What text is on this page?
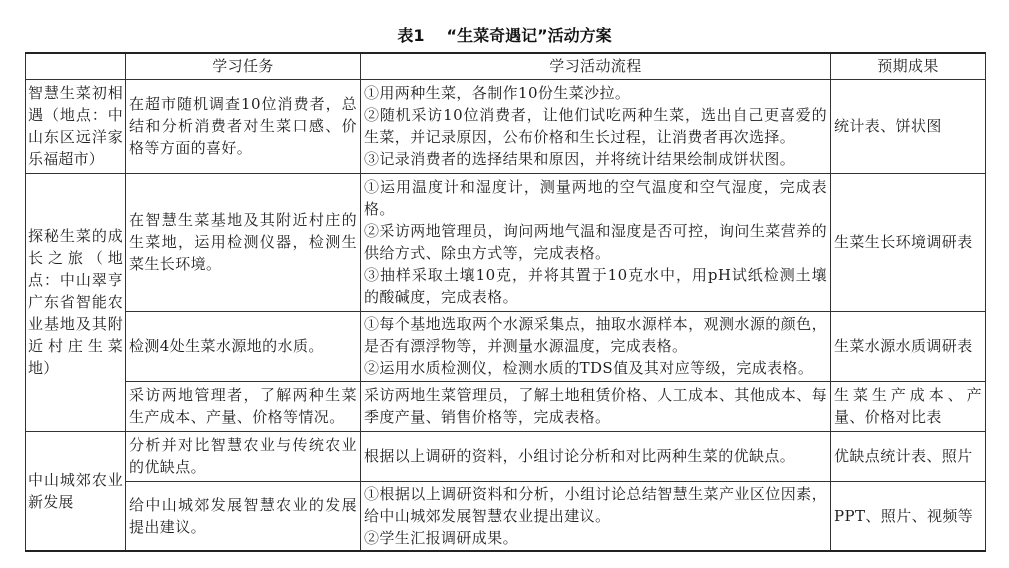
表1 “生菜奇遇记”活动方案
	学习任务	学习活动流程	预期成果
智慧生菜初相遇（地点：中山东区远洋家乐福超市）	在超市随机调查10位消费者，总结和分析消费者对生菜口感、价格等方面的喜好。	①用两种生菜，各制作10份生菜沙拉。
②随机采访10位消费者，让他们试吃两种生菜，选出自己更喜爱的生菜，并记录原因，公布价格和生长过程，让消费者再次选择。
③记录消费者的选择结果和原因，并将统计结果绘制成饼状图。	统计表、饼状图
探秘生菜的成长之旅（地点：中山翠亨广东省智能农业基地及其附近村庄生菜地）	在智慧生菜基地及其附近村庄的生菜地，运用检测仪器，检测生菜生长环境。	①运用温度计和湿度计，测量两地的空气温度和空气湿度，完成表格。
②采访两地管理员，询问两地气温和湿度是否可控，询问生菜营养的供给方式、除虫方式等，完成表格。
③抽样采取土壤10克，并将其置于10克水中，用pH试纸检测土壤的酸碱度，完成表格。	生菜生长环境调研表
	检测4处生菜水源地的水质。	①每个基地选取两个水源采集点，抽取水源样本，观测水源的颜色，是否有漂浮物等，并测量水源温度，完成表格。
②运用水质检测仪，检测水质的TDS值及其对应等级，完成表格。	生菜水源水质调研表
	采访两地管理者，了解两种生菜生产成本、产量、价格等情况。	采访两地生菜管理员，了解土地租赁价格、人工成本、其他成本、每季度产量、销售价格等，完成表格。	生菜生产成本、产量、价格对比表
中山城郊农业新发展	分析并对比智慧农业与传统农业的优缺点。	根据以上调研的资料，小组讨论分析和对比两种生菜的优缺点。	优缺点统计表、照片
	给中山城郊发展智慧农业的发展提出建议。	①根据以上调研资料和分析，小组讨论总结智慧生菜产业区位因素，给中山城郊发展智慧农业提出建议。
②学生汇报调研成果。	PPT、照片、视频等
